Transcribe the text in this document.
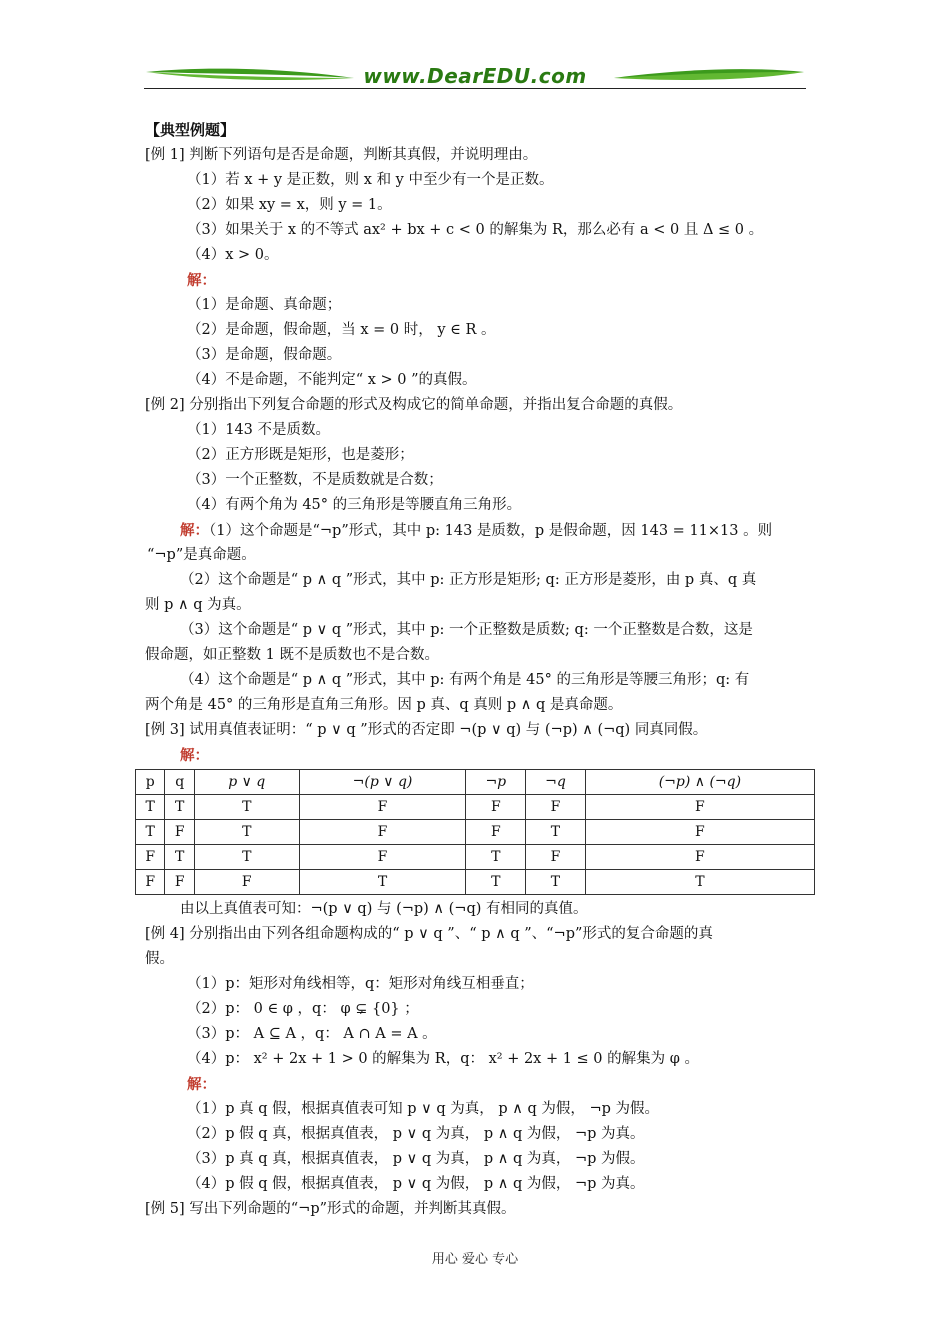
www.DearEDU.com
【典型例题】
[例 1] 判断下列语句是否是命题，判断其真假，并说明理由。
（1）若 x + y 是正数，则 x 和 y 中至少有一个是正数。
（2）如果 xy = x，则 y = 1。
（3）如果关于 x 的不等式 ax² + bx + c < 0 的解集为 R，那么必有 a < 0 且 Δ ≤ 0 。
（4）x > 0。
解：
（1）是命题、真命题；
（2）是命题，假命题，当 x = 0 时， y ∈ R 。
（3）是命题，假命题。
（4）不是命题，不能判定“ x > 0 ”的真假。
[例 2] 分别指出下列复合命题的形式及构成它的简单命题，并指出复合命题的真假。
（1）143 不是质数。
（2）正方形既是矩形，也是菱形；
（3）一个正整数，不是质数就是合数；
（4）有两个角为 45° 的三角形是等腰直角三角形。
解：（1）这个命题是“¬p”形式，其中 p: 143 是质数，p 是假命题，因 143 = 11×13 。则
“¬p”是真命题。
（2）这个命题是“ p ∧ q ”形式，其中 p: 正方形是矩形; q: 正方形是菱形，由 p 真、q 真
则 p ∧ q 为真。
（3）这个命题是“ p ∨ q ”形式，其中 p: 一个正整数是质数; q: 一个正整数是合数，这是
假命题，如正整数 1 既不是质数也不是合数。
（4）这个命题是“ p ∧ q ”形式，其中 p: 有两个角是 45° 的三角形是等腰三角形；q: 有
两个角是 45° 的三角形是直角三角形。因 p 真、q 真则 p ∧ q 是真命题。
[例 3] 试用真值表证明：“ p ∨ q ”形式的否定即 ¬(p ∨ q) 与 (¬p) ∧ (¬q) 同真同假。
解：
p	q	p ∨ q	¬(p ∨ q)	¬p	¬q	(¬p) ∧ (¬q)
T	T	T	F	F	F	F
T	F	T	F	F	T	F
F	T	T	F	T	F	F
F	F	F	T	T	T	T
由以上真值表可知：¬(p ∨ q) 与 (¬p) ∧ (¬q) 有相同的真值。
[例 4] 分别指出由下列各组命题构成的“ p ∨ q ”、“ p ∧ q ”、“¬p”形式的复合命题的真
假。
（1）p：矩形对角线相等，q：矩形对角线互相垂直；
（2）p： 0 ∈ φ ，q： φ ⊊ {0} ；
（3）p： A ⊆ A ，q： A ∩ A = A 。
（4）p： x² + 2x + 1 > 0 的解集为 R，q： x² + 2x + 1 ≤ 0 的解集为 φ 。
解：
（1）p 真 q 假，根据真值表可知 p ∨ q 为真， p ∧ q 为假， ¬p 为假。
（2）p 假 q 真，根据真值表， p ∨ q 为真， p ∧ q 为假， ¬p 为真。
（3）p 真 q 真，根据真值表， p ∨ q 为真， p ∧ q 为真， ¬p 为假。
（4）p 假 q 假，根据真值表， p ∨ q 为假， p ∧ q 为假， ¬p 为真。
[例 5] 写出下列命题的“¬p”形式的命题，并判断其真假。
用心 爱心 专心
